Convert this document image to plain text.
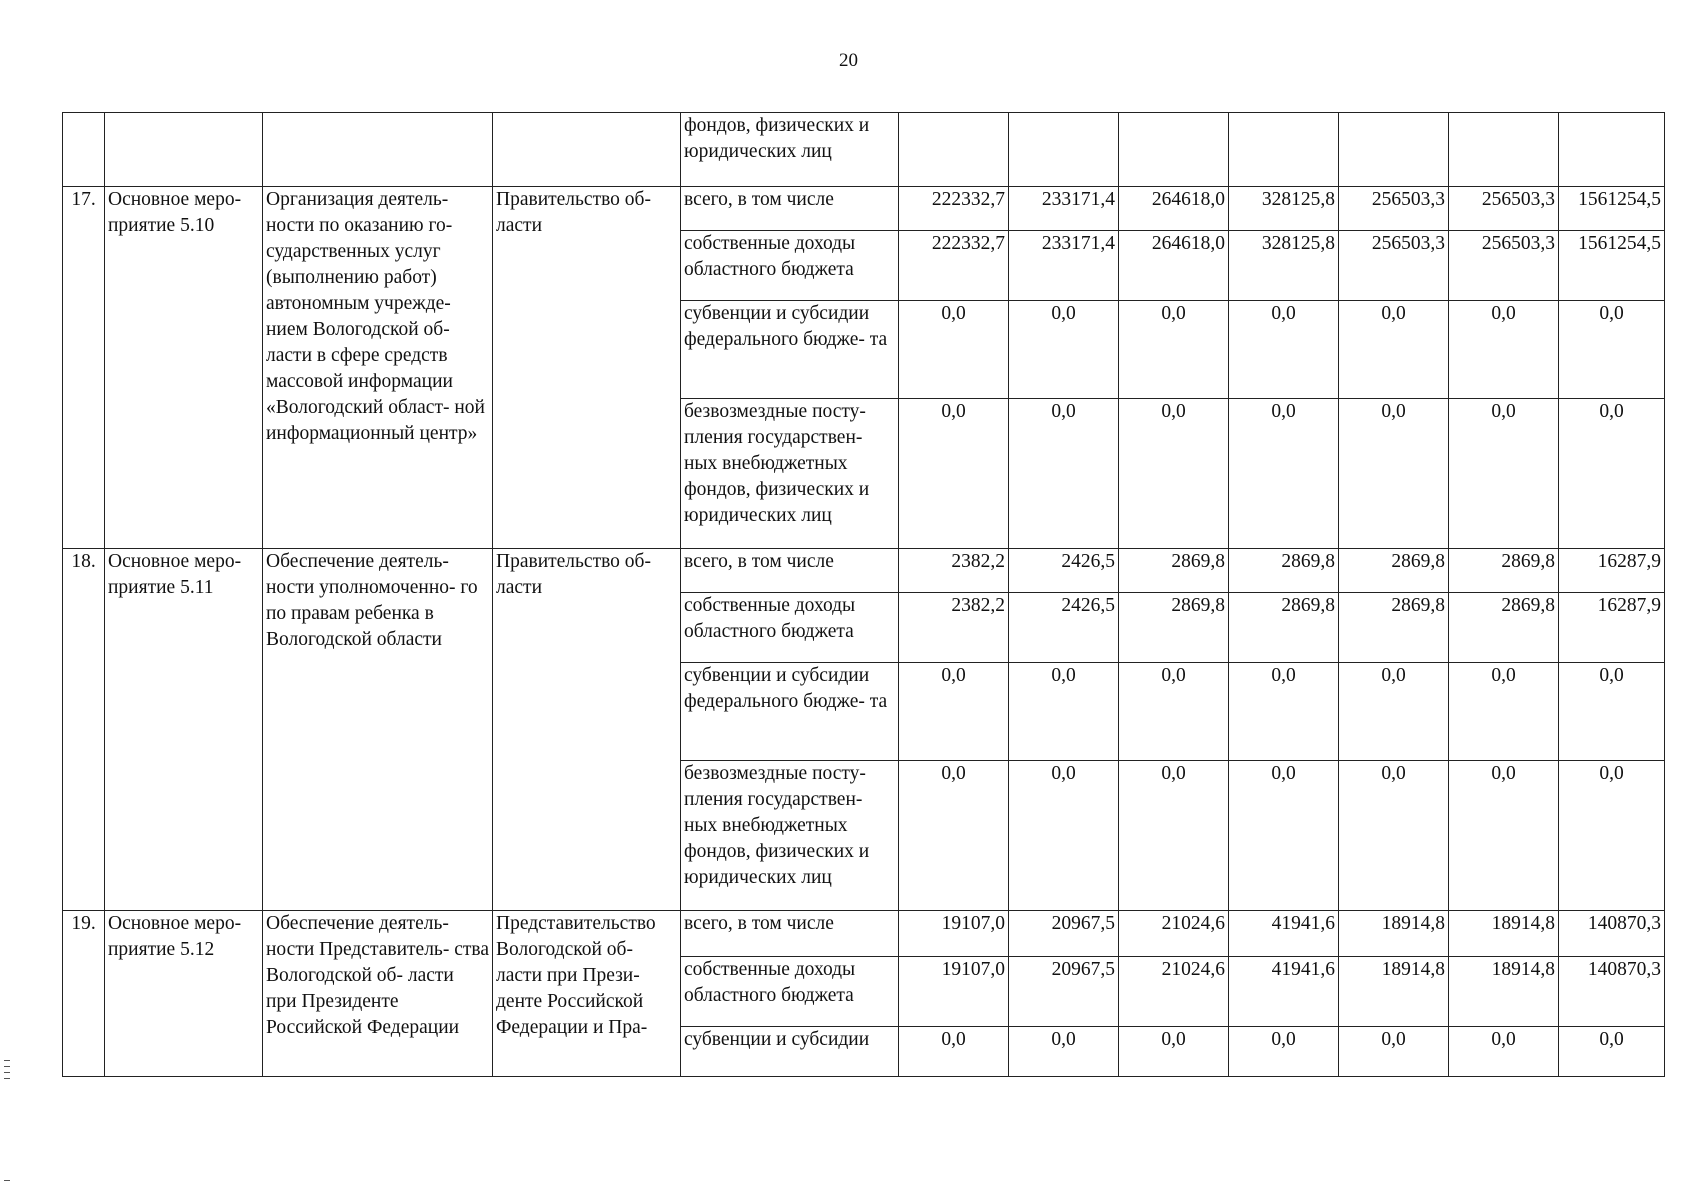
20
				фондов, физических и юридических лиц							
17.	Основное меро- приятие 5.10	Организация деятель- ности по оказанию го- сударственных услуг (выполнению работ) автономным учрежде- нием Вологодской об- ласти в сфере средств массовой информации «Вологодский област- ной информационный центр»	Правительство об- ласти	всего, в том числе	222332,7	233171,4	264618,0	328125,8	256503,3	256503,3	1561254,5
				собственные доходы областного бюджета	222332,7	233171,4	264618,0	328125,8	256503,3	256503,3	1561254,5
				субвенции и субсидии федерального бюдже- та	0,0	0,0	0,0	0,0	0,0	0,0	0,0
				безвозмездные посту- пления государствен- ных внебюджетных фондов, физических и юридических лиц	0,0	0,0	0,0	0,0	0,0	0,0	0,0
18.	Основное меро- приятие 5.11	Обеспечение деятель- ности уполномоченно- го по правам ребенка в Вологодской области	Правительство об- ласти	всего, в том числе	2382,2	2426,5	2869,8	2869,8	2869,8	2869,8	16287,9
				собственные доходы областного бюджета	2382,2	2426,5	2869,8	2869,8	2869,8	2869,8	16287,9
				субвенции и субсидии федерального бюдже- та	0,0	0,0	0,0	0,0	0,0	0,0	0,0
				безвозмездные посту- пления государствен- ных внебюджетных фондов, физических и юридических лиц	0,0	0,0	0,0	0,0	0,0	0,0	0,0
19.	Основное меро- приятие 5.12	Обеспечение деятель- ности Представитель- ства Вологодской об- ласти при Президенте Российской Федерации	Представительство Вологодской об- ласти при Прези- денте Российской Федерации и Пра-	всего, в том числе	19107,0	20967,5	21024,6	41941,6	18914,8	18914,8	140870,3
				собственные доходы областного бюджета	19107,0	20967,5	21024,6	41941,6	18914,8	18914,8	140870,3
				субвенции и субсидии	0,0	0,0	0,0	0,0	0,0	0,0	0,0
